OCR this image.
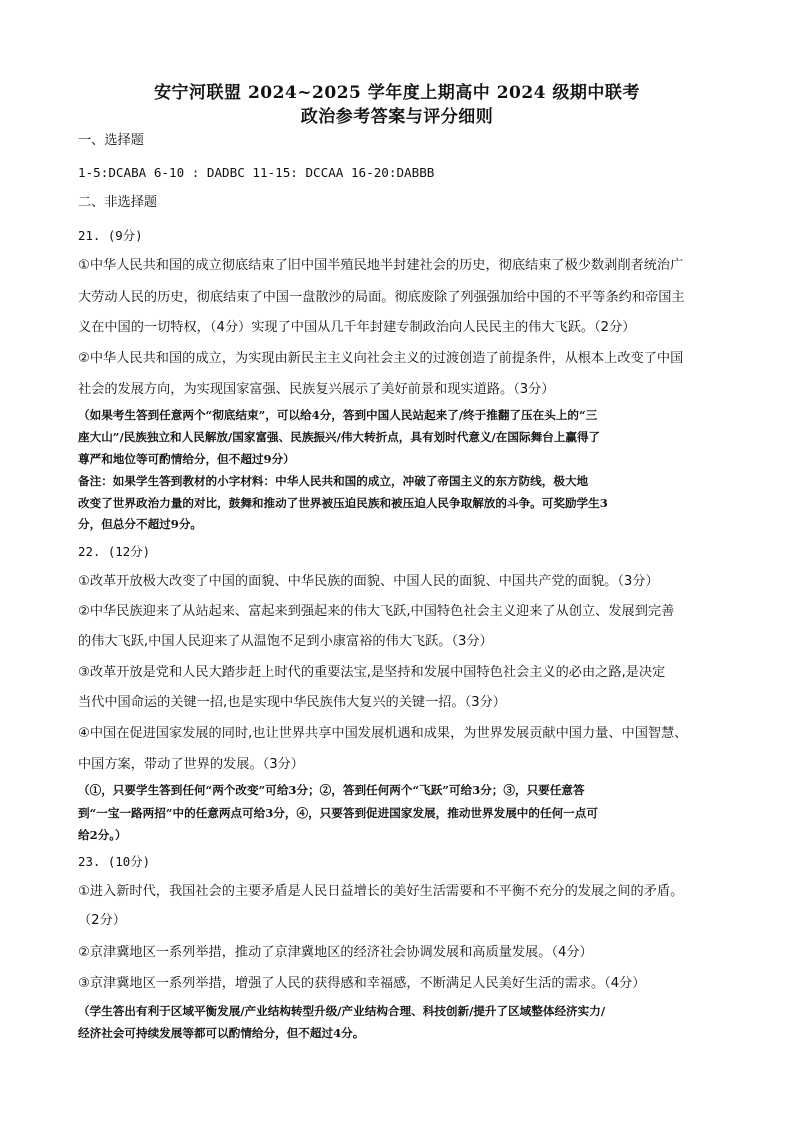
安宁河联盟 2024~2025 学年度上期高中 2024 级期中联考
政治参考答案与评分细则
一、选择题
1-5:DCABA 6-10 : DADBC 11-15: DCCAA 16-20:DABBB
二、非选择题
21. (9分)
①中华人民共和国的成立彻底结束了旧中国半殖民地半封建社会的历史，彻底结束了极少数剥削者统治广
大劳动人民的历史，彻底结束了中国一盘散沙的局面。彻底废除了列强强加给中国的不平等条约和帝国主
义在中国的一切特权，（4分）实现了中国从几千年封建专制政治向人民民主的伟大飞跃。（2分）
②中华人民共和国的成立，为实现由新民主主义向社会主义的过渡创造了前提条件，从根本上改变了中国
社会的发展方向，为实现国家富强、民族复兴展示了美好前景和现实道路。（3分）
（如果考生答到任意两个“彻底结束”，可以给4分，答到中国人民站起来了/终于推翻了压在头上的“三
座大山”/民族独立和人民解放/国家富强、民族振兴/伟大转折点，具有划时代意义/在国际舞台上赢得了
尊严和地位等可酌情给分，但不超过9分）
备注：如果学生答到教材的小字材料：中华人民共和国的成立，冲破了帝国主义的东方防线，极大地
改变了世界政治力量的对比，鼓舞和推动了世界被压迫民族和被压迫人民争取解放的斗争。可奖励学生3
分，但总分不超过9分。
22. (12分)
①改革开放极大改变了中国的面貌、中华民族的面貌、中国人民的面貌、中国共产党的面貌。（3分）
②中华民族迎来了从站起来、富起来到强起来的伟大飞跃,中国特色社会主义迎来了从创立、发展到完善
的伟大飞跃,中国人民迎来了从温饱不足到小康富裕的伟大飞跃。（3分）
③改革开放是党和人民大踏步赶上时代的重要法宝,是坚持和发展中国特色社会主义的必由之路,是决定
当代中国命运的关键一招,也是实现中华民族伟大复兴的关键一招。（3分）
④中国在促进国家发展的同时,也让世界共享中国发展机遇和成果，为世界发展贡献中国力量、中国智慧、
中国方案，带动了世界的发展。（3分）
（①，只要学生答到任何“两个改变”可给3分；②，答到任何两个“飞跃”可给3分；③，只要任意答
到“一宝一路两招”中的任意两点可给3分，④，只要答到促进国家发展，推动世界发展中的任何一点可
给2分。）
23. (10分)
①进入新时代，我国社会的主要矛盾是人民日益增长的美好生活需要和不平衡不充分的发展之间的矛盾。
（2分）
②京津冀地区一系列举措，推动了京津冀地区的经济社会协调发展和高质量发展。（4分）
③京津冀地区一系列举措，增强了人民的获得感和幸福感，不断满足人民美好生活的需求。（4分）
（学生答出有利于区域平衡发展/产业结构转型升级/产业结构合理、科技创新/提升了区域整体经济实力/
经济社会可持续发展等都可以酌情给分，但不超过4分。
